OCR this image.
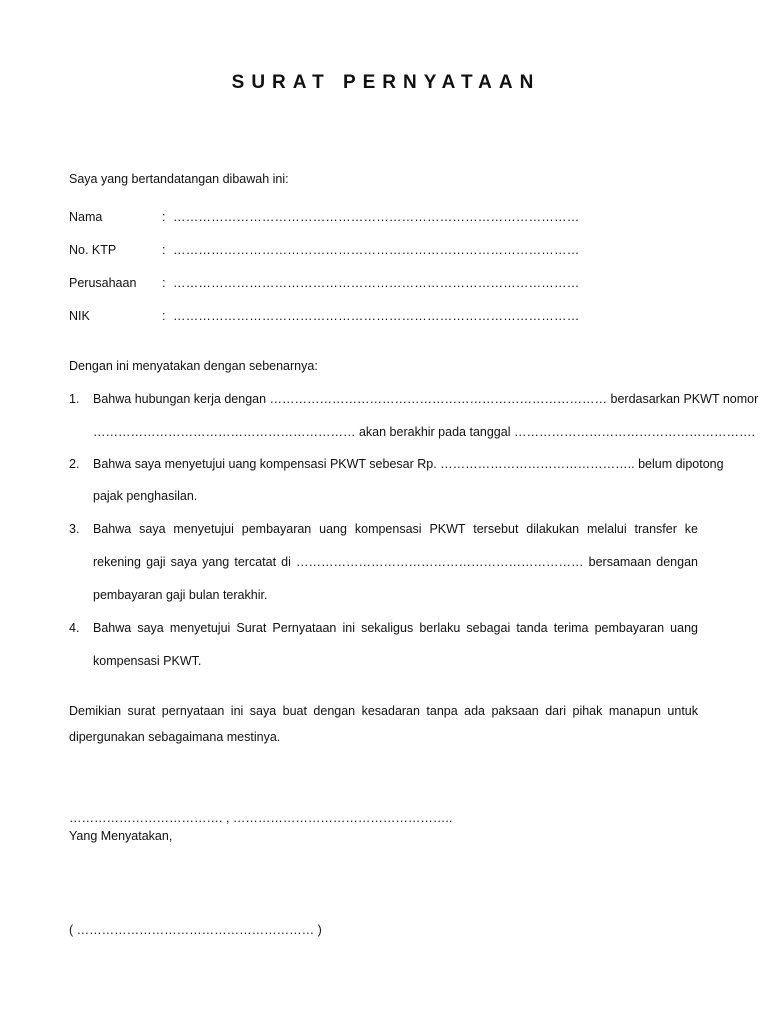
SURAT PERNYATAAN
Saya yang bertandatangan dibawah ini:
Nama	: ……………………………………………………………………………………
No. KTP	: ……………………………………………………………………………………
Perusahaan : ……………………………………………………………………………………
NIK	: ……………………………………………………………………………………
Dengan ini menyatakan dengan sebenarnya:
1. Bahwa hubungan kerja dengan ……………………………………………………………………… berdasarkan PKWT nomor
……………………………………………………… akan berakhir pada tanggal ………………………………………………….
2. Bahwa saya menyetujui uang kompensasi PKWT sebesar Rp. ……………………………………….. belum dipotong
pajak penghasilan.
3. Bahwa saya menyetujui pembayaran uang kompensasi PKWT tersebut dilakukan melalui transfer ke
rekening gaji saya yang tercatat di …………………………………………………………… bersamaan dengan
pembayaran gaji bulan terakhir.
4. Bahwa saya menyetujui Surat Pernyataan ini sekaligus berlaku sebagai tanda terima pembayaran uang
kompensasi PKWT.
Demikian surat pernyataan ini saya buat dengan kesadaran tanpa ada paksaan dari pihak manapun untuk
dipergunakan sebagaimana mestinya.
………………………………. , ……………………………………………..
Yang Menyatakan,
( ………………………………………………… )
